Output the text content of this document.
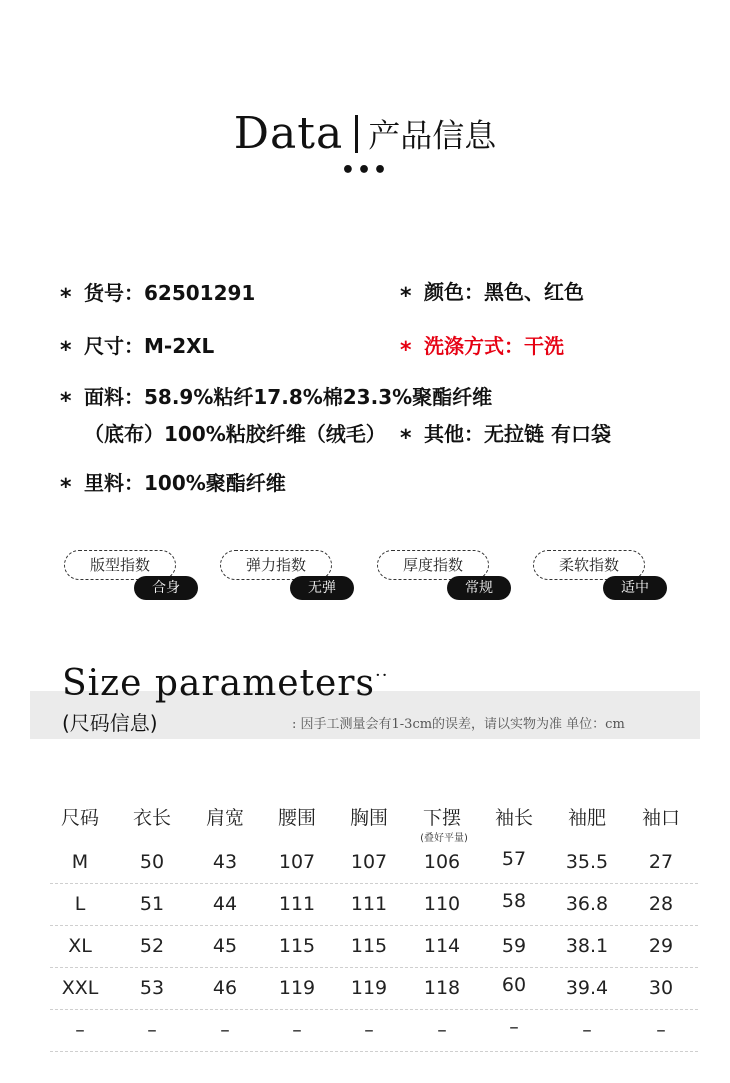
Data 产品信息
•••
* 货号：62501291	* 颜色：黑色、红色
* 尺寸：M-2XL	* 洗涤方式：干洗
* 面料：58.9%粘纤17.8%棉23.3%聚酯纤维
（底布）100%粘胶纤维（绒毛） * 其他：无拉链 有口袋
* 里料：100%聚酯纤维
版型指数
合身
弹力指数
无弹
厚度指数
常规
柔软指数
适中
Size parameters··
(尺码信息)	: 因手工测量会有1-3cm的误差，请以实物为准 单位：cm
尺码	衣长	肩宽	腰围	胸围	下摆	袖长	袖肥	袖口
(叠好平量)
M	50	43	107	107	106	57	35.5	27
L	51	44	111	111	110	58	36.8	28
XL	52	45	115	115	114	59	38.1	29
XXL	53	46	119	119	118	60	39.4	30
–	–	–	–	–	–	–	–	–
